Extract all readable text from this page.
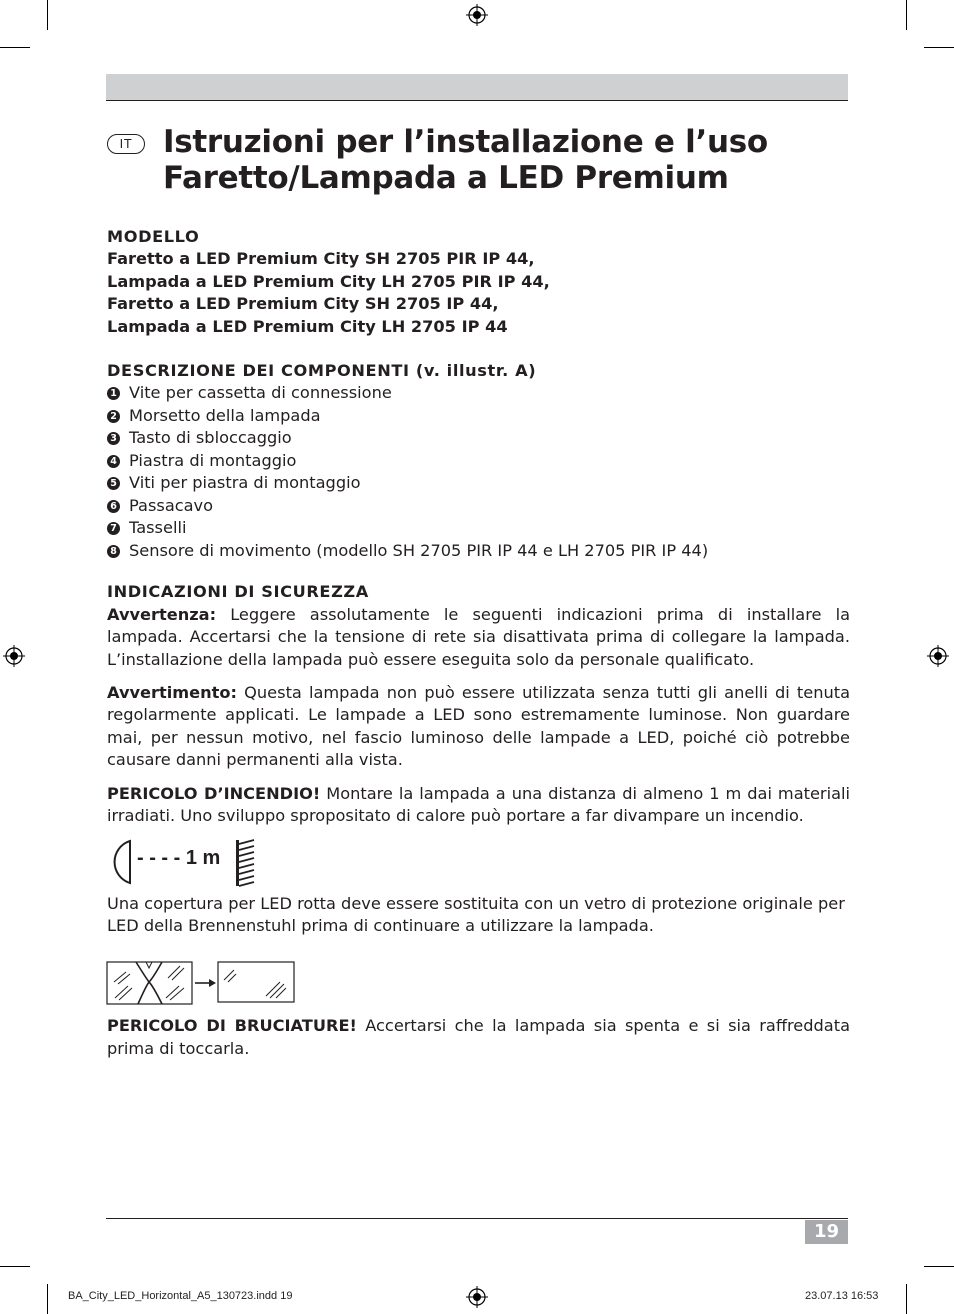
IT Istruzioni per l’installazione e l’uso
Faretto/Lampada a LED Premium

MODELLO

Faretto a LED Premium City SH 2705 PIR IP 44,

Lampada a LED Premium City LH 2705 PIR IP 44,

Faretto a LED Premium City SH 2705 IP 44,

Lampada a LED Premium City LH 2705 IP 44

DESCRIZIONE DEI COMPONENTI (v. illustr. A)

1 Vite per cassetta di connessione
2 Morsetto della lampada
3 Tasto di sbloccaggio
4 Piastra di montaggio
5 Viti per piastra di montaggio
6 Passacavo
7 Tasselli
8 Sensore di movimento (modello SH 2705 PIR IP 44 e LH 2705 PIR IP 44)

INDICAZIONI DI SICUREZZA

Avvertenza: Leggere assolutamente le seguenti indicazioni prima di installare la lampada. Accertarsi che la tensione di rete sia disattivata prima di collegare la lampada. L’installazione della lampada può essere eseguita solo da personale qualificato.

Avvertimento: Questa lampada non può essere utilizzata senza tutti gli anelli di tenuta regolarmente applicati. Le lampade a LED sono estremamente luminose. Non guardare mai, per nessun motivo, nel fascio luminoso delle lampade a LED, poiché ciò potrebbe causare danni permanenti alla vista.

PERICOLO D’INCENDIO! Montare la lampada a una distanza di almeno 1 m dai materiali irradiati. Uno sviluppo spropositato di calore può portare a far divampare un incendio.

Una copertura per LED rotta deve essere sostituita con un vetro di protezione originale per LED della Brennenstuhl prima di continuare a utilizzare la lampada.

PERICOLO DI BRUCIATURE! Accertarsi che la lampada sia spenta e si sia raffreddata prima di toccarla.

- - - - 1 m
19
BA_City_LED_Horizontal_A5_130723.indd 19	23.07.13 16:53
